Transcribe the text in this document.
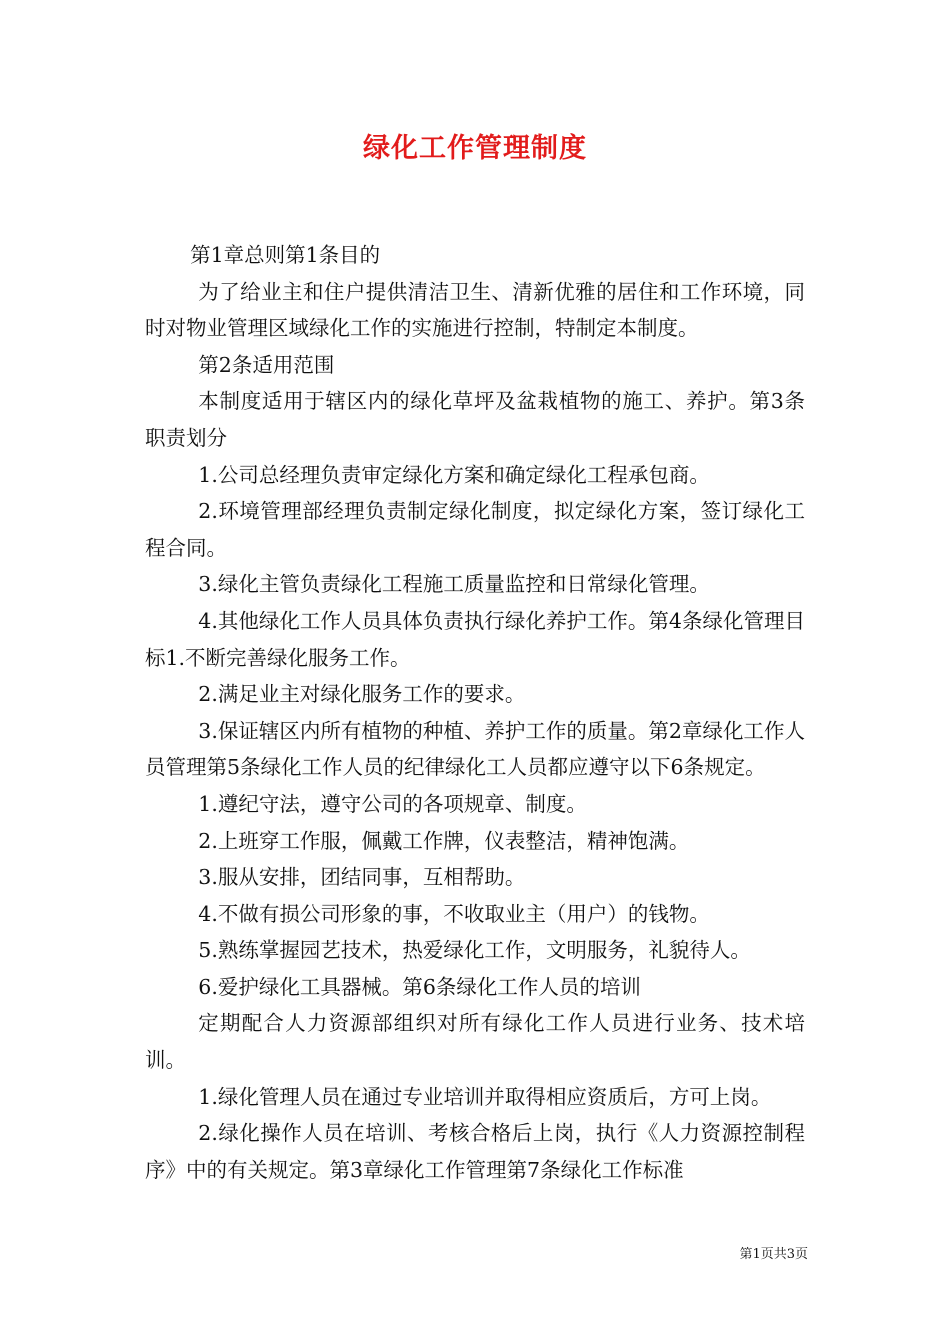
绿化工作管理制度

第1章总则第1条目的

为了给业主和住户提供清洁卫生、清新优雅的居住和工作环境，同时对物业管理区域绿化工作的实施进行控制，特制定本制度。

第2条适用范围

本制度适用于辖区内的绿化草坪及盆栽植物的施工、养护。第3条职责划分

1.公司总经理负责审定绿化方案和确定绿化工程承包商。

2.环境管理部经理负责制定绿化制度，拟定绿化方案，签订绿化工程合同。

3.绿化主管负责绿化工程施工质量监控和日常绿化管理。

4.其他绿化工作人员具体负责执行绿化养护工作。第4条绿化管理目标1.不断完善绿化服务工作。

2.满足业主对绿化服务工作的要求。

3.保证辖区内所有植物的种植、养护工作的质量。第2章绿化工作人员管理第5条绿化工作人员的纪律绿化工人员都应遵守以下6条规定。

1.遵纪守法，遵守公司的各项规章、制度。

2.上班穿工作服，佩戴工作牌，仪表整洁，精神饱满。

3.服从安排，团结同事，互相帮助。

4.不做有损公司形象的事，不收取业主（用户）的钱物。

5.熟练掌握园艺技术，热爱绿化工作，文明服务，礼貌待人。

6.爱护绿化工具器械。第6条绿化工作人员的培训

定期配合人力资源部组织对所有绿化工作人员进行业务、技术培训。

1.绿化管理人员在通过专业培训并取得相应资质后，方可上岗。

2.绿化操作人员在培训、考核合格后上岗，执行《人力资源控制程序》中的有关规定。第3章绿化工作管理第7条绿化工作标准

第1页共3页
